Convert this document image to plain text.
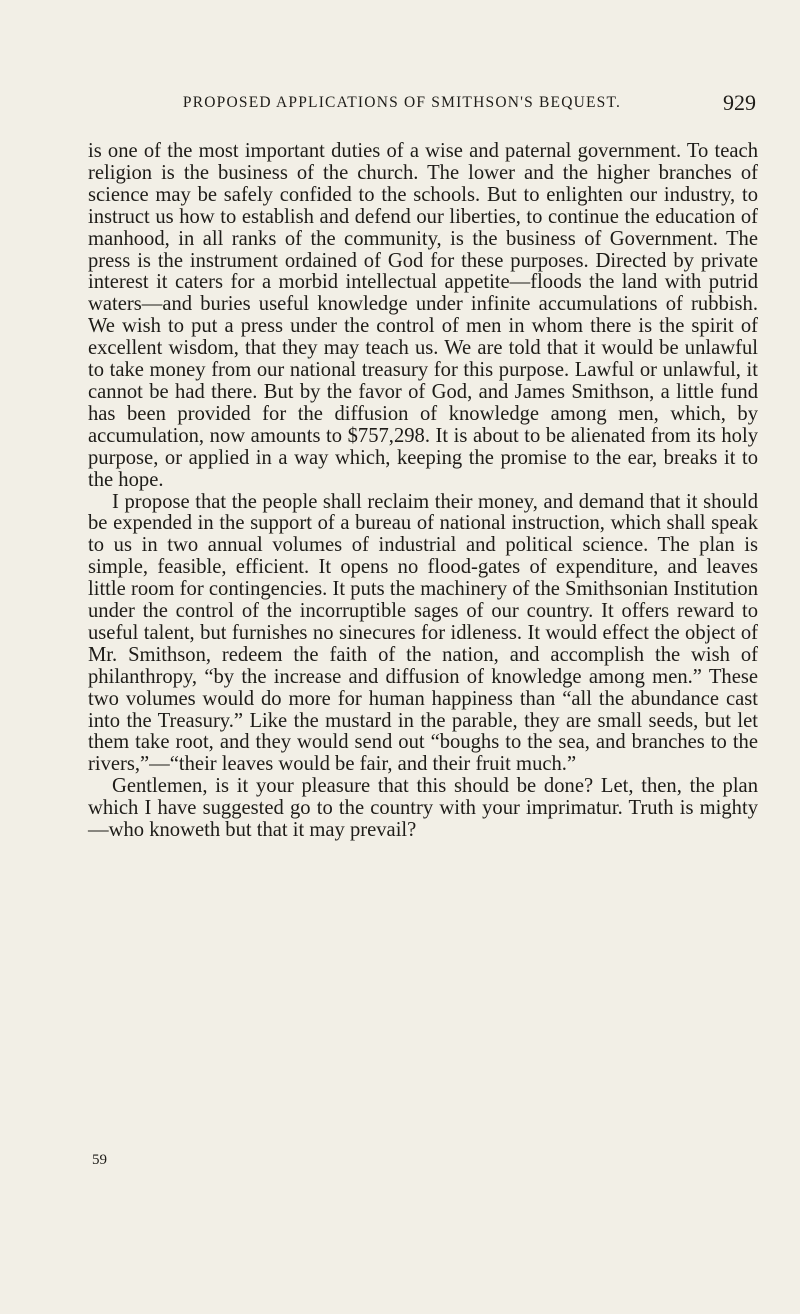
PROPOSED APPLICATIONS OF SMITHSON'S BEQUEST.	929

is one of the most important duties of a wise and paternal government. To teach religion is the business of the church. The lower and the higher branches of science may be safely confided to the schools. But to enlighten our industry, to instruct us how to establish and defend our liberties, to continue the education of manhood, in all ranks of the community, is the business of Government. The press is the instrument ordained of God for these purposes. Directed by private interest it caters for a morbid intellectual appetite—floods the land with putrid waters—and buries useful knowledge under infinite accumulations of rubbish. We wish to put a press under the control of men in whom there is the spirit of excellent wisdom, that they may teach us. We are told that it would be unlawful to take money from our national treasury for this purpose. Lawful or unlawful, it cannot be had there. But by the favor of God, and James Smithson, a little fund has been provided for the diffusion of knowledge among men, which, by accumulation, now amounts to $757,298. It is about to be alienated from its holy purpose, or applied in a way which, keeping the promise to the ear, breaks it to the hope.

I propose that the people shall reclaim their money, and demand that it should be expended in the support of a bureau of national instruction, which shall speak to us in two annual volumes of industrial and political science. The plan is simple, feasible, efficient. It opens no flood-gates of expenditure, and leaves little room for contingencies. It puts the machinery of the Smithsonian Institution under the control of the incorruptible sages of our country. It offers reward to useful talent, but furnishes no sinecures for idleness. It would effect the object of Mr. Smithson, redeem the faith of the nation, and accomplish the wish of philanthropy, “by the increase and diffusion of knowledge among men.” These two volumes would do more for human happiness than “all the abundance cast into the Treasury.” Like the mustard in the parable, they are small seeds, but let them take root, and they would send out “boughs to the sea, and branches to the rivers,”—“their leaves would be fair, and their fruit much.”

Gentlemen, is it your pleasure that this should be done? Let, then, the plan which I have suggested go to the country with your imprimatur. Truth is mighty—who knoweth but that it may prevail?

59
